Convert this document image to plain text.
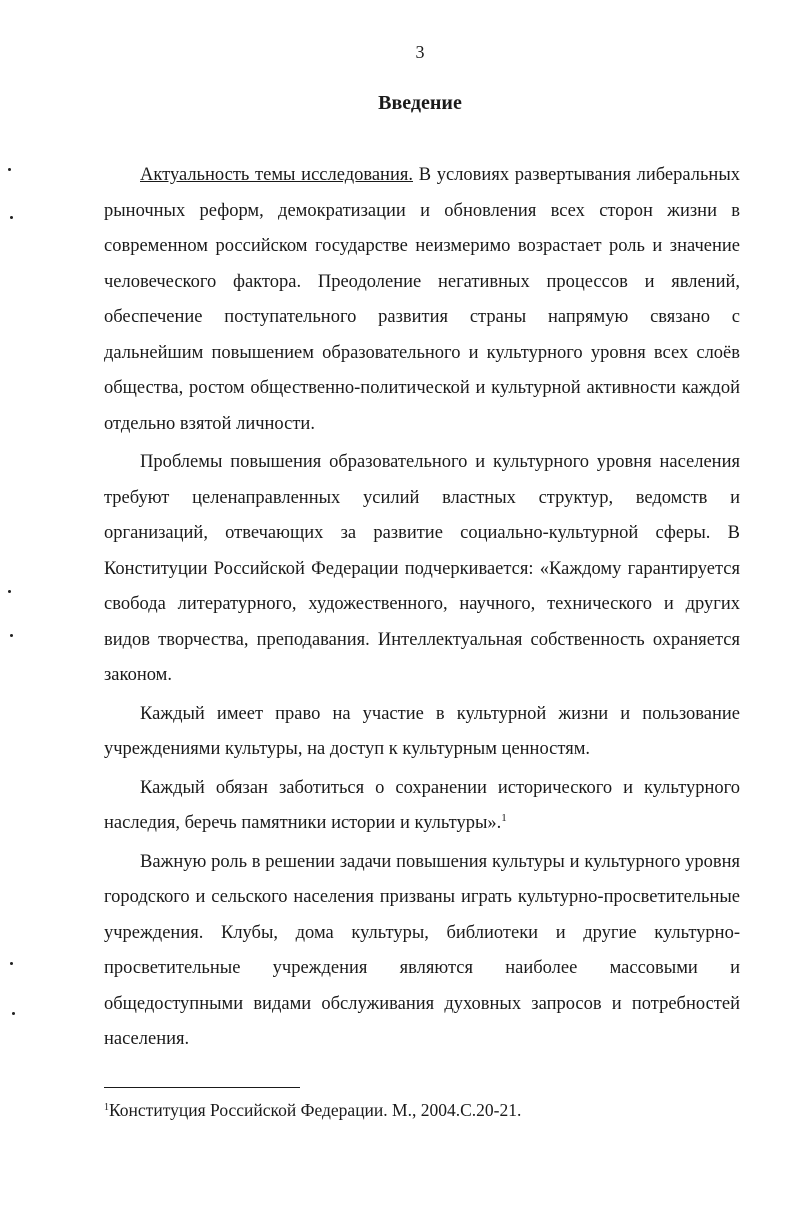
3
Введение

Актуальность темы исследования. В условиях развертывания либеральных рыночных реформ, демократизации и обновления всех сторон жизни в современном российском государстве неизмеримо возрастает роль и значение человеческого фактора. Преодоление негативных процессов и явлений, обеспечение поступательного развития страны напрямую связано с дальнейшим повышением образовательного и культурного уровня всех слоёв общества, ростом общественно-политической и культурной активности каждой отдельно взятой личности.

Проблемы повышения образовательного и культурного уровня населения требуют целенаправленных усилий властных структур, ведомств и организаций, отвечающих за развитие социально-культурной сферы. В Конституции Российской Федерации подчеркивается: «Каждому гарантируется свобода литературного, художественного, научного, технического и других видов творчества, преподавания. Интеллектуальная собственность охраняется законом.

Каждый имеет право на участие в культурной жизни и пользование учреждениями культуры, на доступ к культурным ценностям.

Каждый обязан заботиться о сохранении исторического и культурного наследия, беречь памятники истории и культуры».$^1$

Важную роль в решении задачи повышения культуры и культурного уровня городского и сельского населения призваны играть культурно-просветительные учреждения. Клубы, дома культуры, библиотеки и другие культурно-просветительные учреждения являются наиболее массовыми и общедоступными видами обслуживания духовных запросов и потребностей населения.

$^1$Конституция Российской Федерации. М., 2004.С.20-21.
